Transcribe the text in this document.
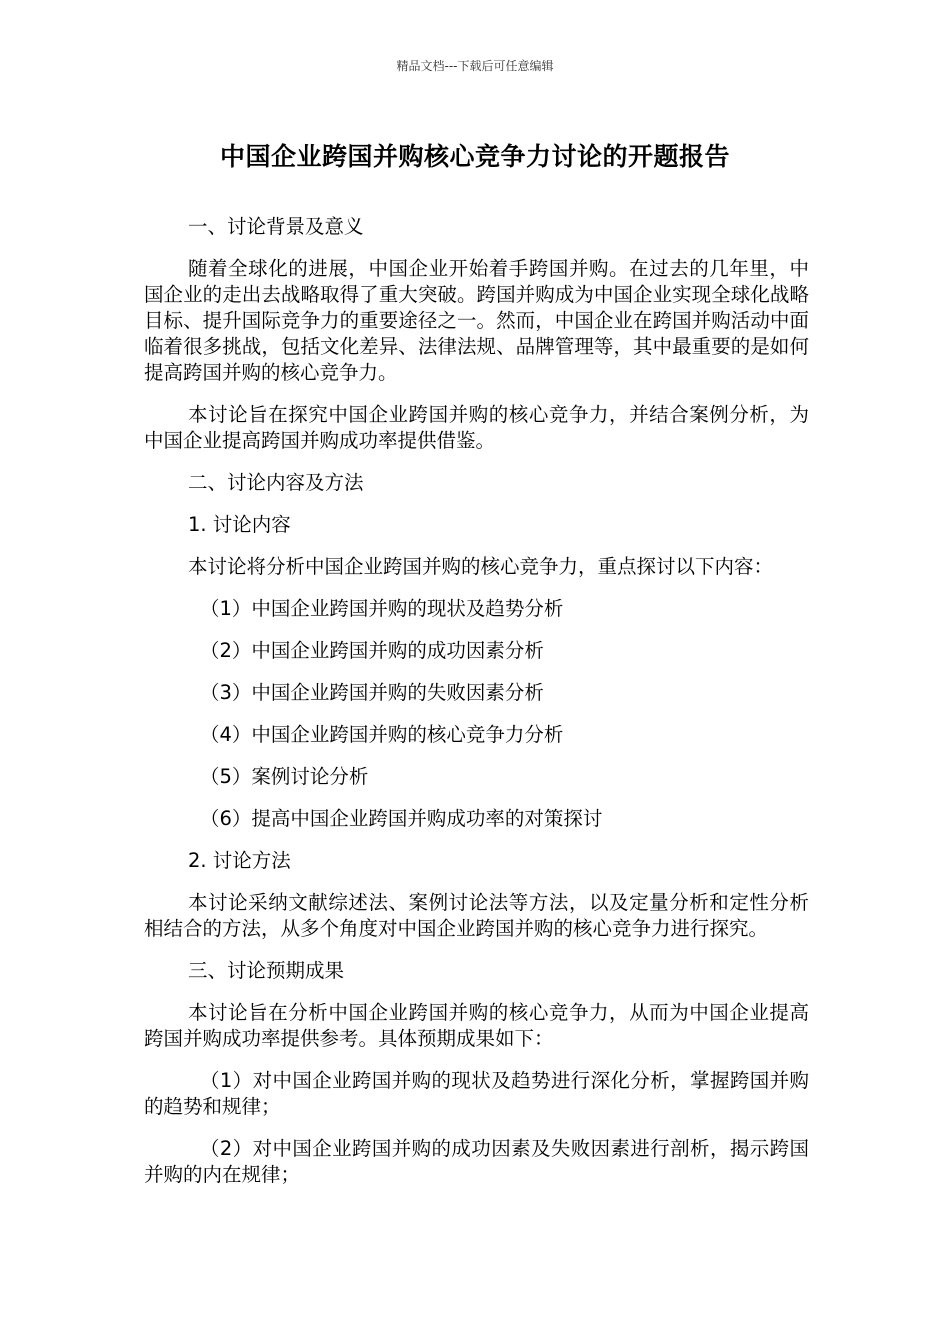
精品文档---下载后可任意编辑
中国企业跨国并购核心竞争力讨论的开题报告

一、讨论背景及意义

随着全球化的进展，中国企业开始着手跨国并购。在过去的几年里，中国企业的走出去战略取得了重大突破。跨国并购成为中国企业实现全球化战略目标、提升国际竞争力的重要途径之一。然而，中国企业在跨国并购活动中面临着很多挑战，包括文化差异、法律法规、品牌管理等，其中最重要的是如何提高跨国并购的核心竞争力。

本讨论旨在探究中国企业跨国并购的核心竞争力，并结合案例分析，为中国企业提高跨国并购成功率提供借鉴。

二、讨论内容及方法

1. 讨论内容

本讨论将分析中国企业跨国并购的核心竞争力，重点探讨以下内容：

（1）中国企业跨国并购的现状及趋势分析

（2）中国企业跨国并购的成功因素分析

（3）中国企业跨国并购的失败因素分析

（4）中国企业跨国并购的核心竞争力分析

（5）案例讨论分析

（6）提高中国企业跨国并购成功率的对策探讨

2. 讨论方法

本讨论采纳文献综述法、案例讨论法等方法，以及定量分析和定性分析相结合的方法，从多个角度对中国企业跨国并购的核心竞争力进行探究。

三、讨论预期成果

本讨论旨在分析中国企业跨国并购的核心竞争力，从而为中国企业提高跨国并购成功率提供参考。具体预期成果如下：

（1）对中国企业跨国并购的现状及趋势进行深化分析，掌握跨国并购的趋势和规律；

（2）对中国企业跨国并购的成功因素及失败因素进行剖析，揭示跨国并购的内在规律；
